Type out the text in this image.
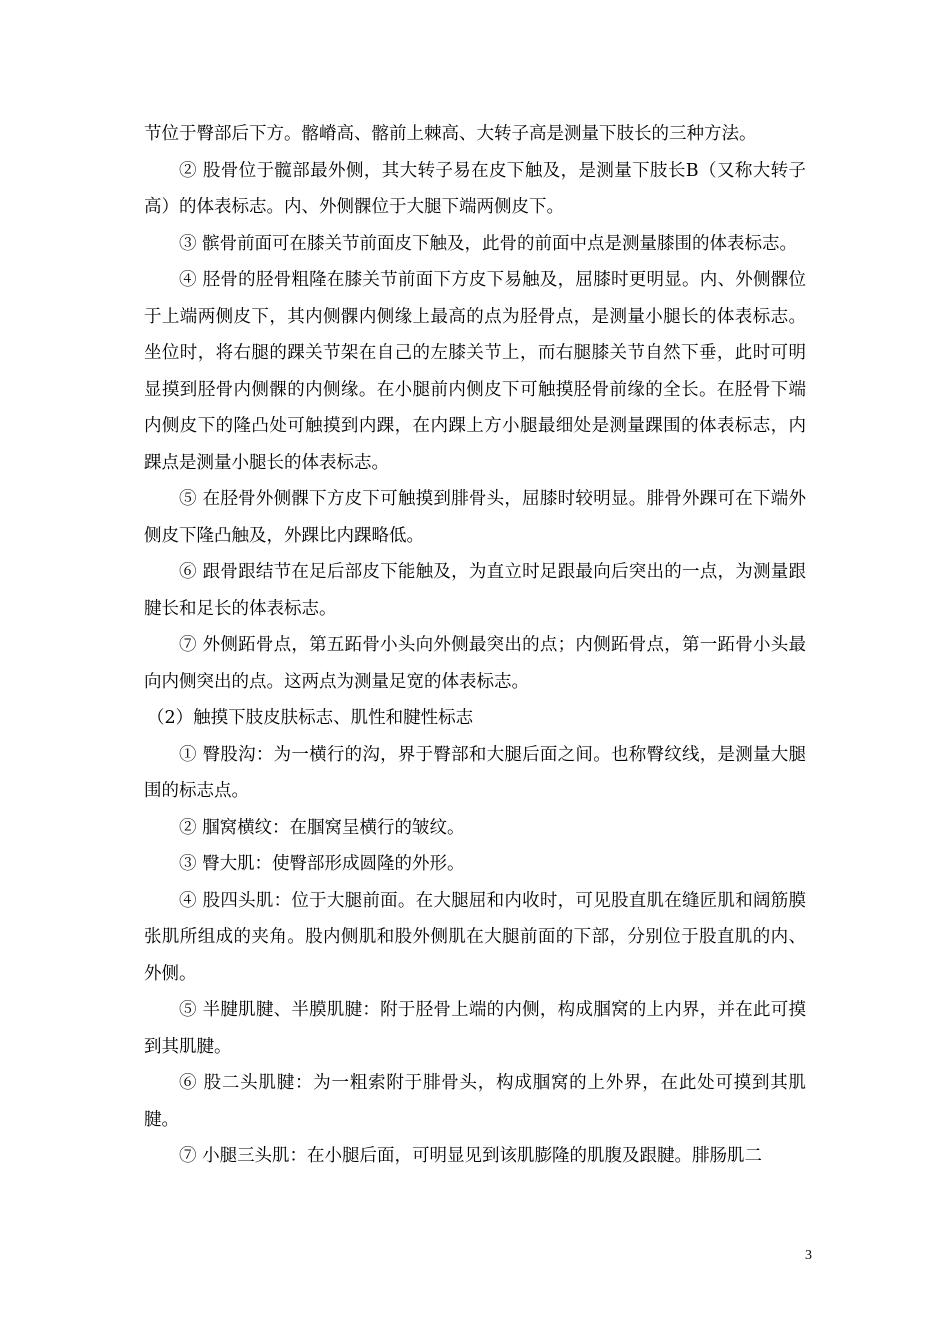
节位于臀部后下方。髂嵴高、髂前上棘高、大转子高是测量下肢长的三种方法。

② 股骨位于髋部最外侧，其大转子易在皮下触及，是测量下肢长B（又称大转子高）的体表标志。内、外侧髁位于大腿下端两侧皮下。

③ 髌骨前面可在膝关节前面皮下触及，此骨的前面中点是测量膝围的体表标志。

④ 胫骨的胫骨粗隆在膝关节前面下方皮下易触及，屈膝时更明显。内、外侧髁位于上端两侧皮下，其内侧髁内侧缘上最高的点为胫骨点，是测量小腿长的体表标志。坐位时，将右腿的踝关节架在自己的左膝关节上，而右腿膝关节自然下垂，此时可明显摸到胫骨内侧髁的内侧缘。在小腿前内侧皮下可触摸胫骨前缘的全长。在胫骨下端内侧皮下的隆凸处可触摸到内踝，在内踝上方小腿最细处是测量踝围的体表标志，内踝点是测量小腿长的体表标志。

⑤ 在胫骨外侧髁下方皮下可触摸到腓骨头，屈膝时较明显。腓骨外踝可在下端外侧皮下隆凸触及，外踝比内踝略低。

⑥ 跟骨跟结节在足后部皮下能触及，为直立时足跟最向后突出的一点，为测量跟腱长和足长的体表标志。

⑦ 外侧跖骨点，第五跖骨小头向外侧最突出的点；内侧跖骨点，第一跖骨小头最向内侧突出的点。这两点为测量足宽的体表标志。

（2）触摸下肢皮肤标志、肌性和腱性标志

① 臀股沟：为一横行的沟，界于臀部和大腿后面之间。也称臀纹线，是测量大腿围的标志点。

② 腘窝横纹：在腘窝呈横行的皱纹。

③ 臀大肌：使臀部形成圆隆的外形。

④ 股四头肌：位于大腿前面。在大腿屈和内收时，可见股直肌在缝匠肌和阔筋膜张肌所组成的夹角。股内侧肌和股外侧肌在大腿前面的下部，分别位于股直肌的内、外侧。

⑤ 半腱肌腱、半膜肌腱：附于胫骨上端的内侧，构成腘窝的上内界，并在此可摸到其肌腱。

⑥ 股二头肌腱：为一粗索附于腓骨头，构成腘窝的上外界，在此处可摸到其肌腱。

⑦ 小腿三头肌：在小腿后面，可明显见到该肌膨隆的肌腹及跟腱。腓肠肌二

3
